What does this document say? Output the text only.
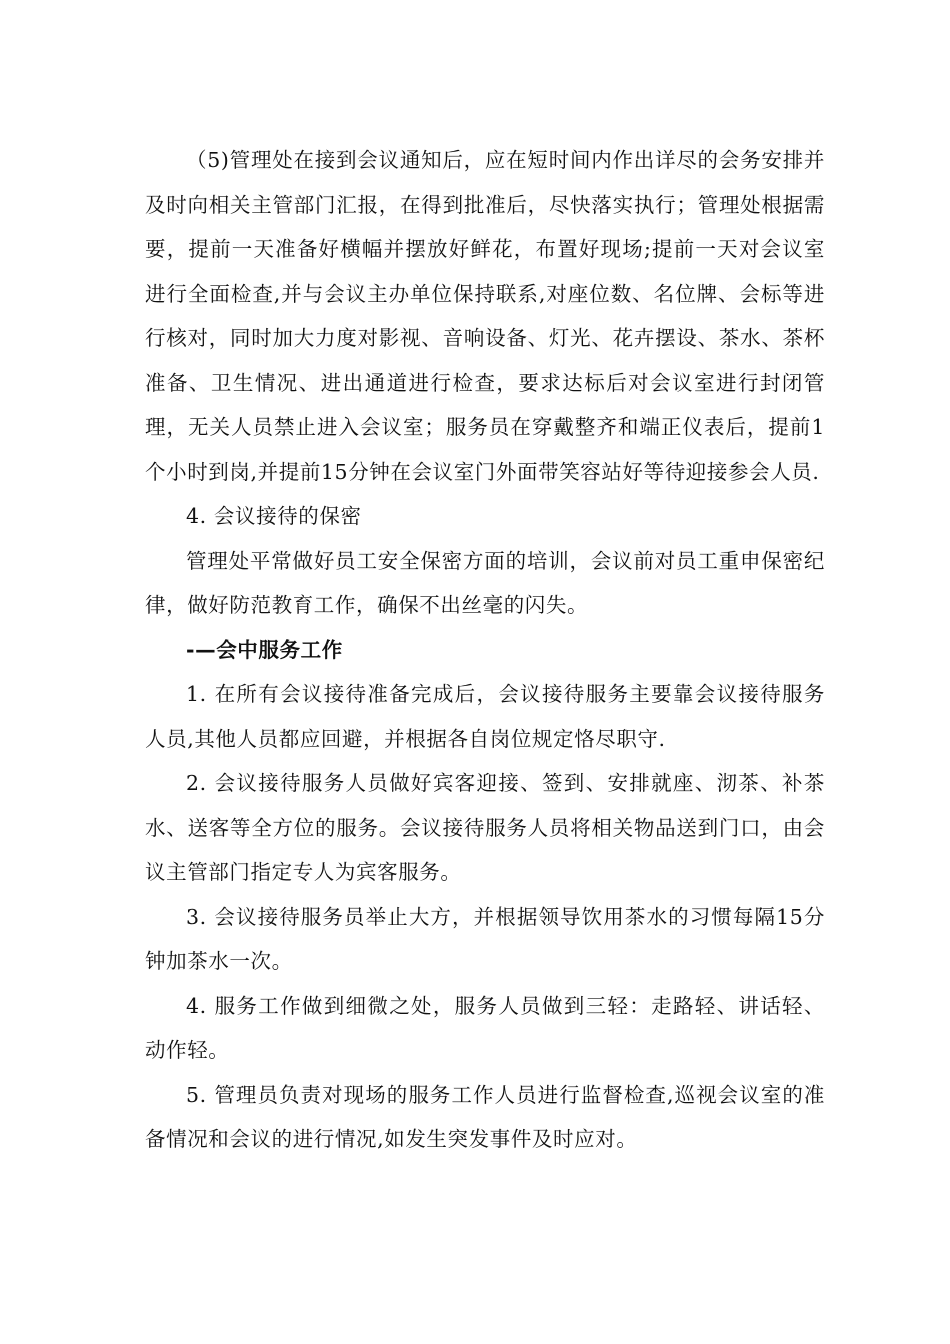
（5)管理处在接到会议通知后，应在短时间内作出详尽的会务安排并及时向相关主管部门汇报，在得到批准后，尽快落实执行；管理处根据需要，提前一天准备好横幅并摆放好鲜花，布置好现场;提前一天对会议室进行全面检查,并与会议主办单位保持联系,对座位数、名位牌、会标等进行核对，同时加大力度对影视、音响设备、灯光、花卉摆设、茶水、茶杯准备、卫生情况、进出通道进行检查，要求达标后对会议室进行封闭管理，无关人员禁止进入会议室；服务员在穿戴整齐和端正仪表后，提前1个小时到岗,并提前15分钟在会议室门外面带笑容站好等待迎接参会人员.

4. 会议接待的保密

管理处平常做好员工安全保密方面的培训，会议前对员工重申保密纪律，做好防范教育工作，确保不出丝毫的闪失。

-—会中服务工作

1. 在所有会议接待准备完成后，会议接待服务主要靠会议接待服务人员,其他人员都应回避，并根据各自岗位规定恪尽职守.

2. 会议接待服务人员做好宾客迎接、签到、安排就座、沏茶、补茶水、送客等全方位的服务。会议接待服务人员将相关物品送到门口，由会议主管部门指定专人为宾客服务。

3. 会议接待服务员举止大方，并根据领导饮用茶水的习惯每隔15分钟加茶水一次。

4. 服务工作做到细微之处，服务人员做到三轻：走路轻、讲话轻、动作轻。

5. 管理员负责对现场的服务工作人员进行监督检查,巡视会议室的准备情况和会议的进行情况,如发生突发事件及时应对。
